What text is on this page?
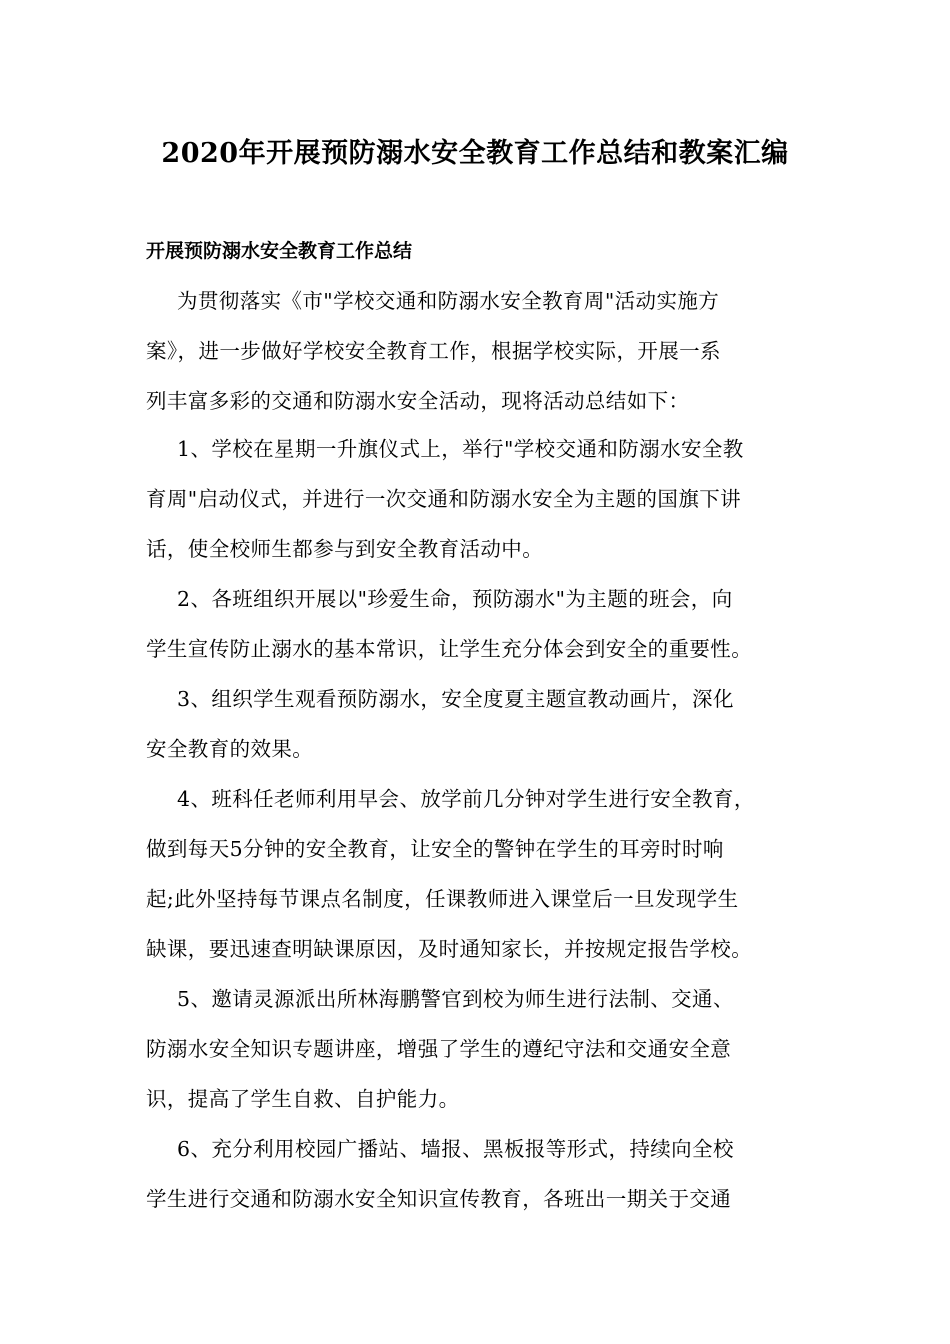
2020年开展预防溺水安全教育工作总结和教案汇编
开展预防溺水安全教育工作总结
为贯彻落实《市"学校交通和防溺水安全教育周"活动实施方
案》，进一步做好学校安全教育工作，根据学校实际，开展一系
列丰富多彩的交通和防溺水安全活动，现将活动总结如下：
1、学校在星期一升旗仪式上，举行"学校交通和防溺水安全教
育周"启动仪式，并进行一次交通和防溺水安全为主题的国旗下讲
话，使全校师生都参与到安全教育活动中。
2、各班组织开展以"珍爱生命，预防溺水"为主题的班会，向
学生宣传防止溺水的基本常识，让学生充分体会到安全的重要性。
3、组织学生观看预防溺水，安全度夏主题宣教动画片，深化
安全教育的效果。
4、班科任老师利用早会、放学前几分钟对学生进行安全教育，
做到每天5分钟的安全教育，让安全的警钟在学生的耳旁时时响
起;此外坚持每节课点名制度，任课教师进入课堂后一旦发现学生
缺课，要迅速查明缺课原因，及时通知家长，并按规定报告学校。
5、邀请灵源派出所林海鹏警官到校为师生进行法制、交通、
防溺水安全知识专题讲座，增强了学生的遵纪守法和交通安全意
识，提高了学生自救、自护能力。
6、充分利用校园广播站、墙报、黑板报等形式，持续向全校
学生进行交通和防溺水安全知识宣传教育，各班出一期关于交通
